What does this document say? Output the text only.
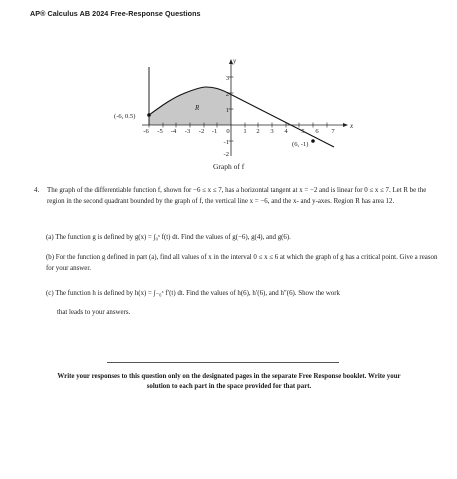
AP® Calculus AB 2024 Free-Response Questions
-6 -5 -4 -3 -2 -1 0 1 2 3 4 5 6 7
3
2
1
-1
-2
x
y
R
(-6, 0.5)
(6, -1)
Graph of f
4. The graph of the differentiable function f, shown for −6 ≤ x ≤ 7, has a horizontal tangent at x = −2 and is linear for 0 ≤ x ≤ 7. Let R be the region in the second quadrant bounded by the graph of f, the vertical line x = −6, and the x- and y-axes. Region R has area 12.
(a) The function g is defined by g(x) = ∫₀ˣ f(t) dt. Find the values of g(−6), g(4), and g(6).
(b) For the function g defined in part (a), find all values of x in the interval 0 ≤ x ≤ 6 at which the graph of g has a critical point. Give a reason for your answer.
(c) The function h is defined by h(x) = ∫₋₆ˣ f′(t) dt. Find the values of h(6), h′(6), and h″(6). Show the work
that leads to your answers.
Write your responses to this question only on the designated pages in the separate Free Response booklet. Write your solution to each part in the space provided for that part.
